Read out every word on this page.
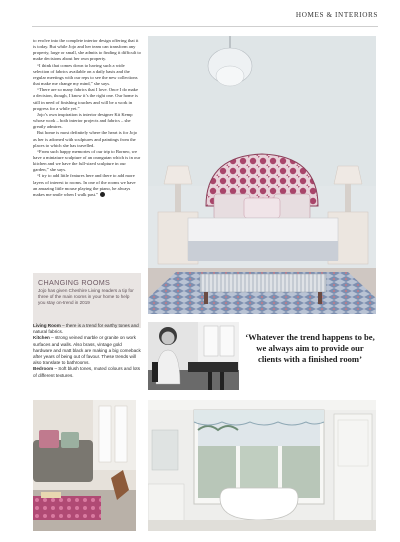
HOMES & INTERIORS

to evolve into the complete interior design offering that it is today. But while Jojo and her team can transform any property, large or small, she admits to finding it difficult to make decisions about her own property.

“I think that comes down to having such a wide selection of fabrics available on a daily basis and the regular meetings with our reps to see the new collections that make me change my mind,” she says.

“There are so many fabrics that I love. Once I do make a decision, though, I know it’s the right one. Our home is still in need of finishing touches and will be a work in progress for a while yet.”

Jojo’s own inspiration is interior designer Kit Kemp whose work – both interior projects and fabrics – she greatly admires.

But home is most definitely where the heart is for Jojo as her is adorned with sculptures and paintings from the places to which she has travelled.

“From such happy memories of our trip to Borneo, we have a miniature sculpture of an orangutan which is in our kitchen and we have the full-sized sculpture in our garden,” she says.

“I try to add little features here and there to add more layers of interest to rooms. In one of the rooms we have an amazing little mouse playing the piano, he always makes me smile when I walk past.”

CHANGING ROOMS
Jojo has given Cheshire Living readers a tip for three of the main rooms in your home to help you stay on-trend in 2019
Living Room – there is a trend for earthy tones and natural fabrics.
Kitchen – strong veined marble or granite on work surfaces and walls. Also brass, vintage gold hardware and matt black are making a big comeback after years of being out of favour. These trends will also translate to bathrooms.
Bedroom – Soft blush tones, muted colours and lots of different textures.
‘Whatever the trend happens to be, we always aim to provide our clients with a finished room’
